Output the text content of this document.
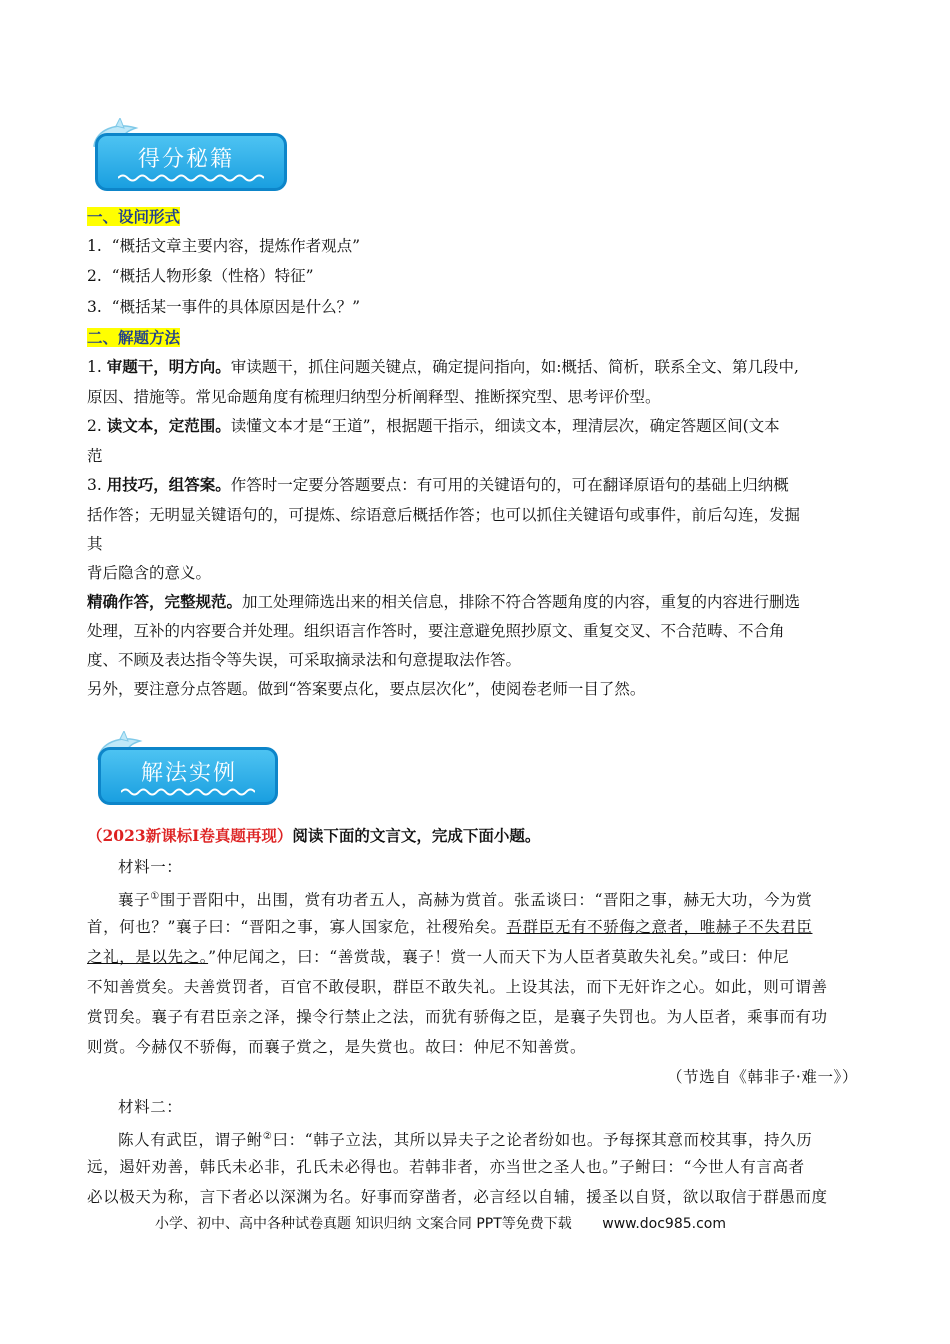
得分秘籍
一、设问形式
1.  “概括文章主要内容，提炼作者观点”
2.  “概括人物形象（性格）特征”
3.  “概括某一事件的具体原因是什么？”
二、解题方法
1. 审题干，明方向。审读题干，抓住问题关键点，确定提问指向，如:概括、简析，联系全文、第几段中,
原因、措施等。常见命题角度有梳理归纳型分析阐释型、推断探究型、思考评价型。
2. 读文本，定范围。读懂文本才是“王道”，根据题干指示，细读文本，理清层次，确定答题区间(文本
范
3. 用技巧，组答案。作答时一定要分答题要点：有可用的关键语句的，可在翻译原语句的基础上归纳概
括作答；无明显关键语句的，可提炼、综语意后概括作答；也可以抓住关键语句或事件，前后勾连，发掘
其
背后隐含的意义。
精确作答，完整规范。加工处理筛选出来的相关信息，排除不符合答题角度的内容，重复的内容进行删选
处理，互补的内容要合并处理。组织语言作答时，要注意避免照抄原文、重复交叉、不合范畴、不合角
度、不顾及表达指令等失误，可采取摘录法和句意提取法作答。
另外，要注意分点答题。做到“答案要点化，要点层次化”，使阅卷老师一目了然。
解法实例
（2023新课标Ⅰ卷真题再现）阅读下面的文言文，完成下面小题。
材料一：
襄子①围于晋阳中，出围，赏有功者五人，高赫为赏首。张孟谈曰：“晋阳之事，赫无大功，今为赏
首，何也？”襄子曰：“晋阳之事，寡人国家危，社稷殆矣。吾群臣无有不骄侮之意者，唯赫子不失君臣
之礼，是以先之。”仲尼闻之，曰：“善赏哉，襄子！赏一人而天下为人臣者莫敢失礼矣。”或曰：仲尼
不知善赏矣。夫善赏罚者，百官不敢侵职，群臣不敢失礼。上设其法，而下无奸诈之心。如此，则可谓善
赏罚矣。襄子有君臣亲之泽，操令行禁止之法，而犹有骄侮之臣，是襄子失罚也。为人臣者，乘事而有功
则赏。今赫仅不骄侮，而襄子赏之，是失赏也。故曰：仲尼不知善赏。
（节选自《韩非子·难一》）
材料二：
陈人有武臣，谓子鲋②曰：“韩子立法，其所以异夫子之论者纷如也。予每探其意而校其事，持久历
远，遏奸劝善，韩氏未必非，孔氏未必得也。若韩非者，亦当世之圣人也。”子鲋曰：“今世人有言高者
必以极天为称，言下者必以深渊为名。好事而穿凿者，必言经以自辅，援圣以自贤，欲以取信于群愚而度
小学、初中、高中各种试卷真题 知识归纳 文案合同 PPT等免费下载 www.doc985.com
